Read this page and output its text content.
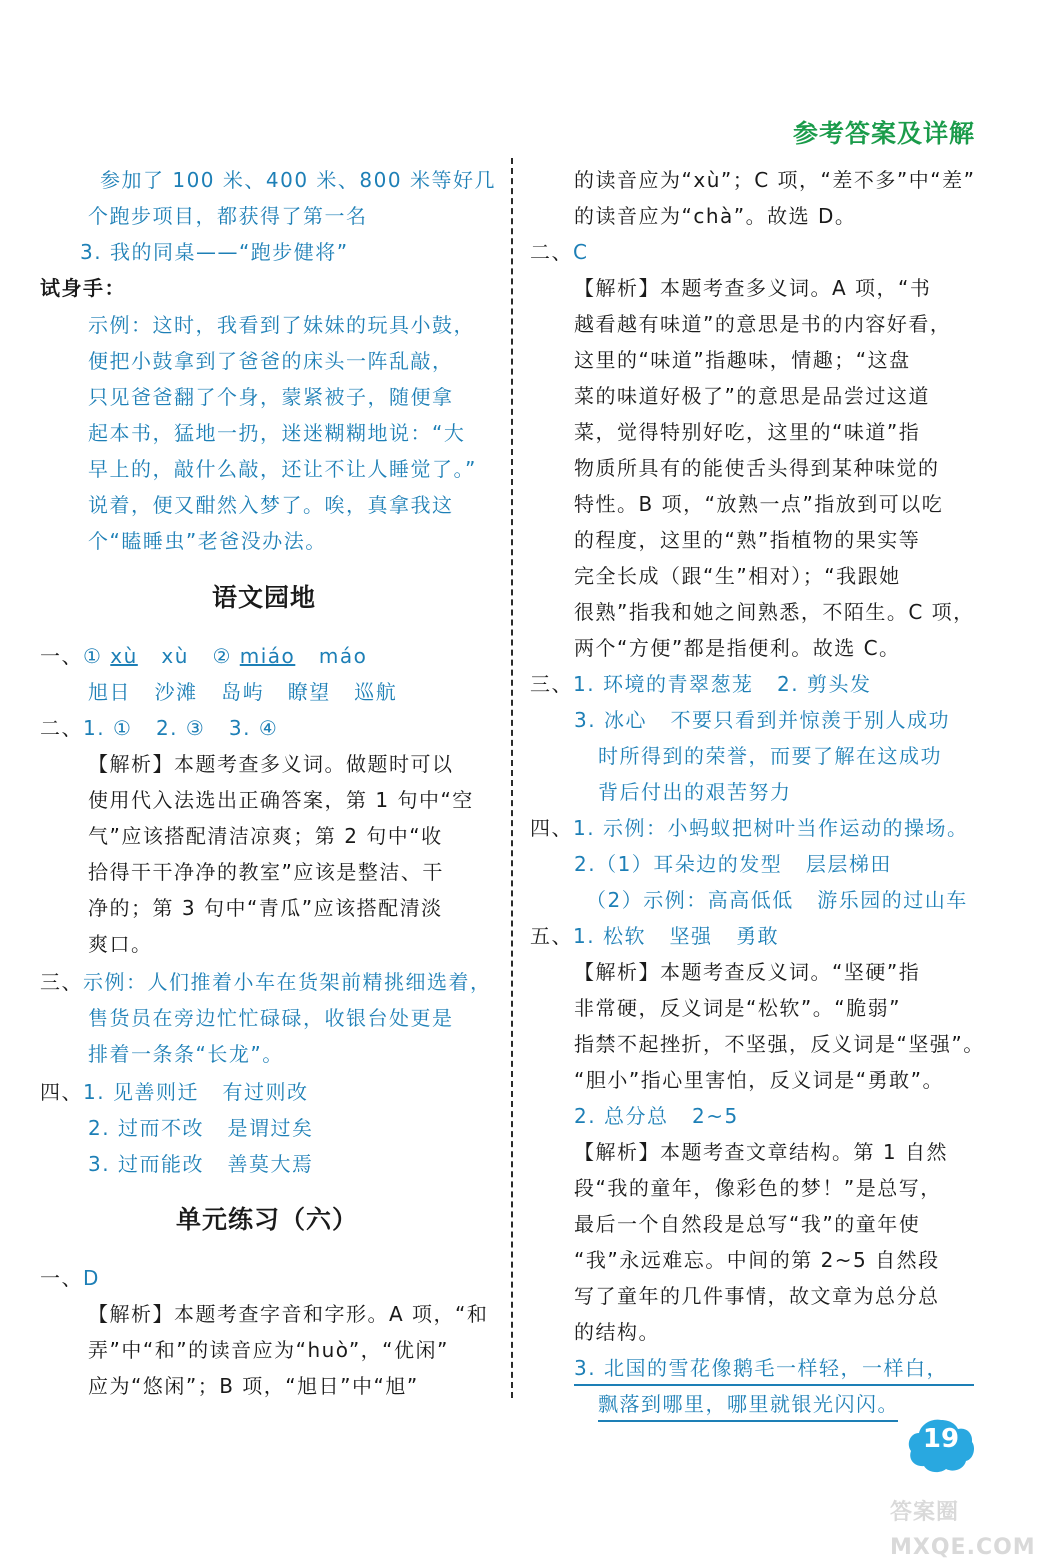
参考答案及详解
参加了 100 米、400 米、800 米等好几
个跑步项目，都获得了第一名
3. 我的同桌——“跑步健将”
试身手：
示例：这时，我看到了妹妹的玩具小鼓，
便把小鼓拿到了爸爸的床头一阵乱敲，
只见爸爸翻了个身，蒙紧被子，随便拿
起本书，猛地一扔，迷迷糊糊地说：“大
早上的，敲什么敲，还让不让人睡觉了。”
说着，便又酣然入梦了。唉，真拿我这
个“瞌睡虫”老爸没办法。
语文园地
一、① xù   xù   ② miáo   máo
旭日   沙滩   岛屿   瞭望   巡航
二、1. ①   2. ③   3. ④
【解析】本题考查多义词。做题时可以
使用代入法选出正确答案，第 1 句中“空
气”应该搭配清洁凉爽；第 2 句中“收
拾得干干净净的教室”应该是整洁、干
净的；第 3 句中“青瓜”应该搭配清淡
爽口。
三、示例：人们推着小车在货架前精挑细选着，
售货员在旁边忙忙碌碌，收银台处更是
排着一条条“长龙”。
四、1. 见善则迁   有过则改
2. 过而不改   是谓过矣
3. 过而能改   善莫大焉
单元练习（六）
一、D
【解析】本题考查字音和字形。A 项，“和
弄”中“和”的读音应为“huò”，“优闲”
应为“悠闲”；B 项，“旭日”中“旭”
的读音应为“xù”；C 项，“差不多”中“差”
的读音应为“chà”。故选 D。
二、C
【解析】本题考查多义词。A 项，“书
越看越有味道”的意思是书的内容好看，
这里的“味道”指趣味，情趣；“这盘
菜的味道好极了”的意思是品尝过这道
菜，觉得特别好吃，这里的“味道”指
物质所具有的能使舌头得到某种味觉的
特性。B 项，“放熟一点”指放到可以吃
的程度，这里的“熟”指植物的果实等
完全长成（跟“生”相对）；“我跟她
很熟”指我和她之间熟悉，不陌生。C 项，
两个“方便”都是指便利。故选 C。
三、1. 环境的青翠葱茏   2. 剪头发
3. 冰心   不要只看到并惊羡于别人成功
时所得到的荣誉，而要了解在这成功
背后付出的艰苦努力
四、1. 示例：小蚂蚁把树叶当作运动的操场。
2.（1）耳朵边的发型   层层梯田
（2）示例：高高低低   游乐园的过山车
五、1. 松软   坚强   勇敢
【解析】本题考查反义词。“坚硬”指
非常硬，反义词是“松软”。“脆弱”
指禁不起挫折，不坚强，反义词是“坚强”。
“胆小”指心里害怕，反义词是“勇敢”。
2. 总分总   2~5
【解析】本题考查文章结构。第 1 自然
段“我的童年，像彩色的梦！”是总写，
最后一个自然段是总写“我”的童年使
“我”永远难忘。中间的第 2~5 自然段
写了童年的几件事情，故文章为总分总
的结构。
3. 北国的雪花像鹅毛一样轻，一样白，
飘落到哪里，哪里就银光闪闪。
19
答案圈 MXQE.COM
